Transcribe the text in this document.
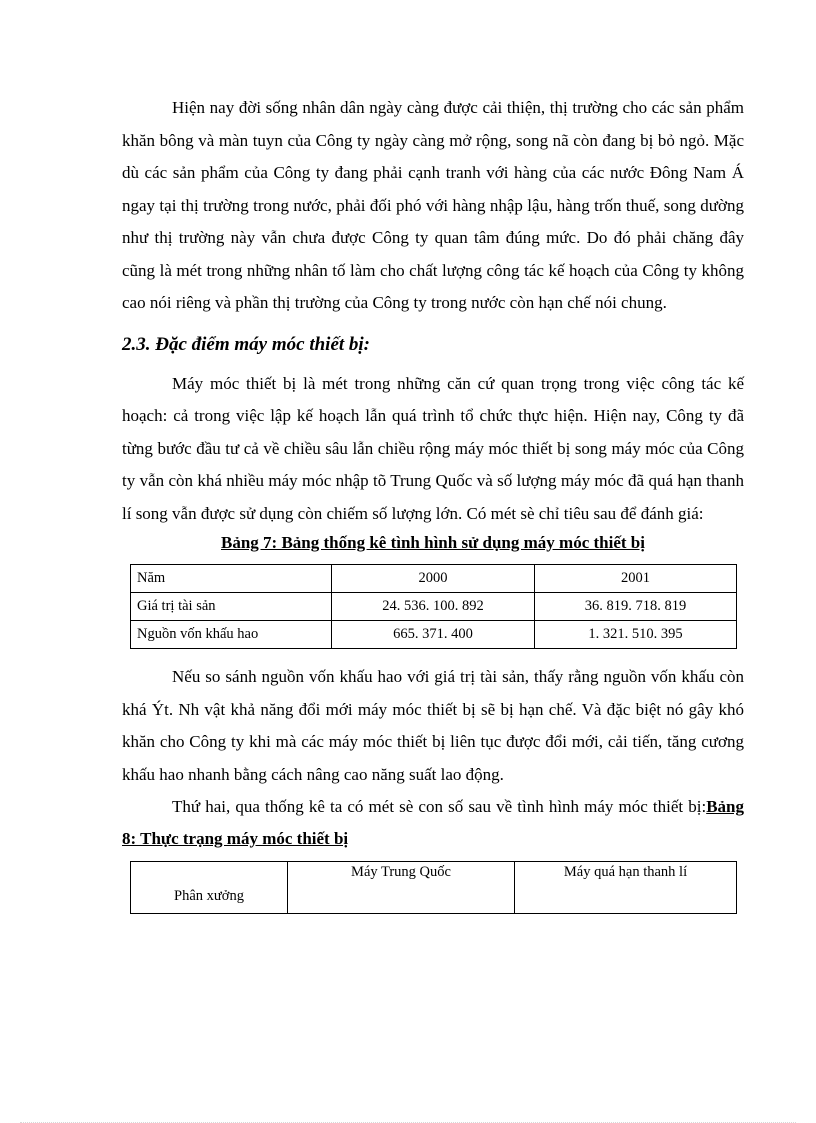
Hiện nay đời sống nhân dân ngày càng được cải thiện, thị trường cho các sản phẩm khăn bông và màn tuyn của Công ty ngày càng mở rộng, song nã còn đang bị bỏ ngỏ. Mặc dù các sản phẩm của Công ty đang phải cạnh tranh với hàng của các nước Đông Nam Á ngay tại thị trường trong nước, phải đối phó với hàng nhập lậu, hàng trốn thuế, song dường như thị trường này vẫn chưa được Công ty quan tâm đúng mức. Do đó phải chăng đây cũng là mét trong những nhân tố làm cho chất lượng công tác kế hoạch của Công ty không cao nói riêng và phần thị trường của Công ty trong nước còn hạn chế nói chung.

2.3. Đặc điểm máy móc thiết bị:

Máy móc thiết bị là mét trong những căn cứ quan trọng trong việc công tác kế hoạch: cả trong việc lập kế hoạch lẫn quá trình tổ chức thực hiện. Hiện nay, Công ty đã từng bước đầu tư cả về chiều sâu lẫn chiều rộng máy móc thiết bị song máy móc của Công ty vẫn còn khá nhiều máy móc nhập tõ Trung Quốc và số lượng máy móc đã quá hạn thanh lí song vẫn được sử dụng còn chiếm số lượng lớn. Có mét sè chỉ tiêu sau để đánh giá:

Bảng 7: Bảng thống kê tình hình sử dụng máy móc thiết bị
Năm	2000	2001
Giá trị tài sản	24. 536. 100. 892	36. 819. 718. 819
Nguồn vốn khấu hao	665. 371. 400	1. 321. 510. 395

Nếu so sánh nguồn vốn khấu hao với giá trị tài sản, thấy rằng nguồn vốn khấu còn khá Ýt. Nh vật khả năng đổi mới máy móc thiết bị sẽ bị hạn chế. Và đặc biệt nó gây khó khăn cho Công ty khi mà các máy móc thiết bị liên tục được đổi mới, cải tiến, tăng cương khấu hao nhanh bằng cách nâng cao năng suất lao động.

Thứ hai, qua thống kê ta có mét sè con số sau về tình hình máy móc thiết bị:Bảng 8: Thực trạng máy móc thiết bị

Phân xưởng	Máy Trung Quốc	Máy quá hạn thanh lí
